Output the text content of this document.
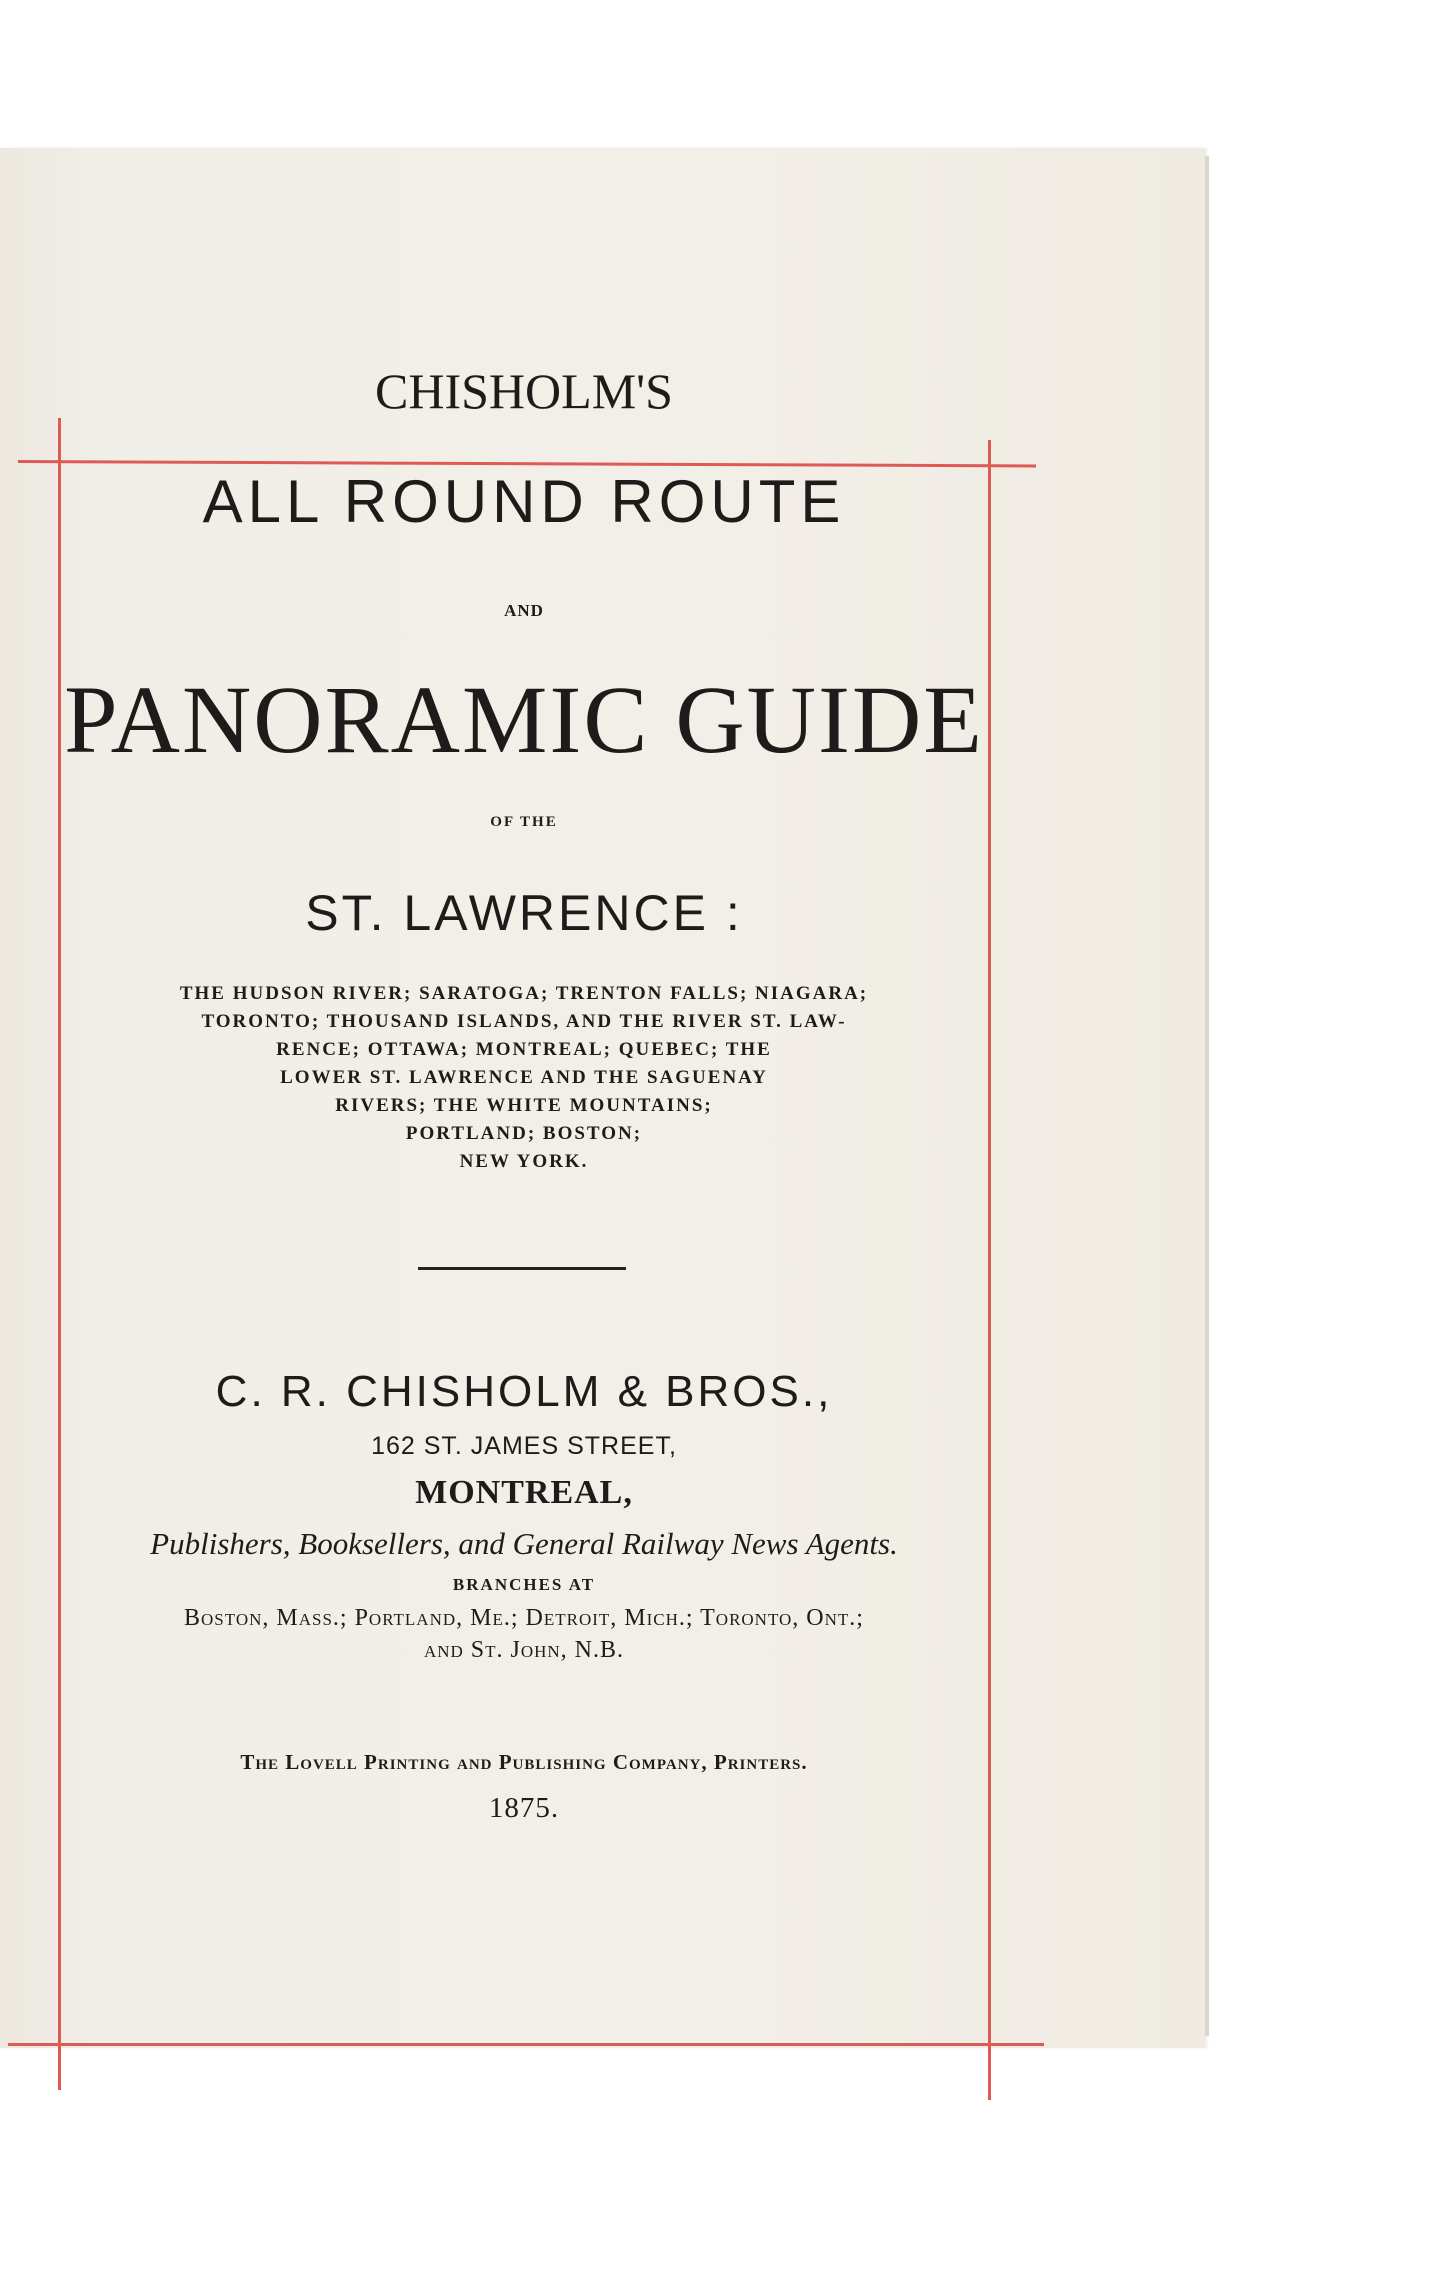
CHISHOLM'S
ALL ROUND ROUTE
AND
PANORAMIC GUIDE
OF THE
ST. LAWRENCE :
THE HUDSON RIVER; SARATOGA; TRENTON FALLS; NIAGARA;
TORONTO; THOUSAND ISLANDS, AND THE RIVER ST. LAW-
RENCE; OTTAWA; MONTREAL; QUEBEC; THE
LOWER ST. LAWRENCE AND THE SAGUENAY
RIVERS; THE WHITE MOUNTAINS;
PORTLAND; BOSTON;
NEW YORK.
C. R. CHISHOLM & BROS.,
162 ST. JAMES STREET,
MONTREAL,
Publishers, Booksellers, and General Railway News Agents.
BRANCHES AT
Boston, Mass.; Portland, Me.; Detroit, Mich.; Toronto, Ont.;
and St. John, N.B.
The Lovell Printing and Publishing Company, Printers.
1875.
